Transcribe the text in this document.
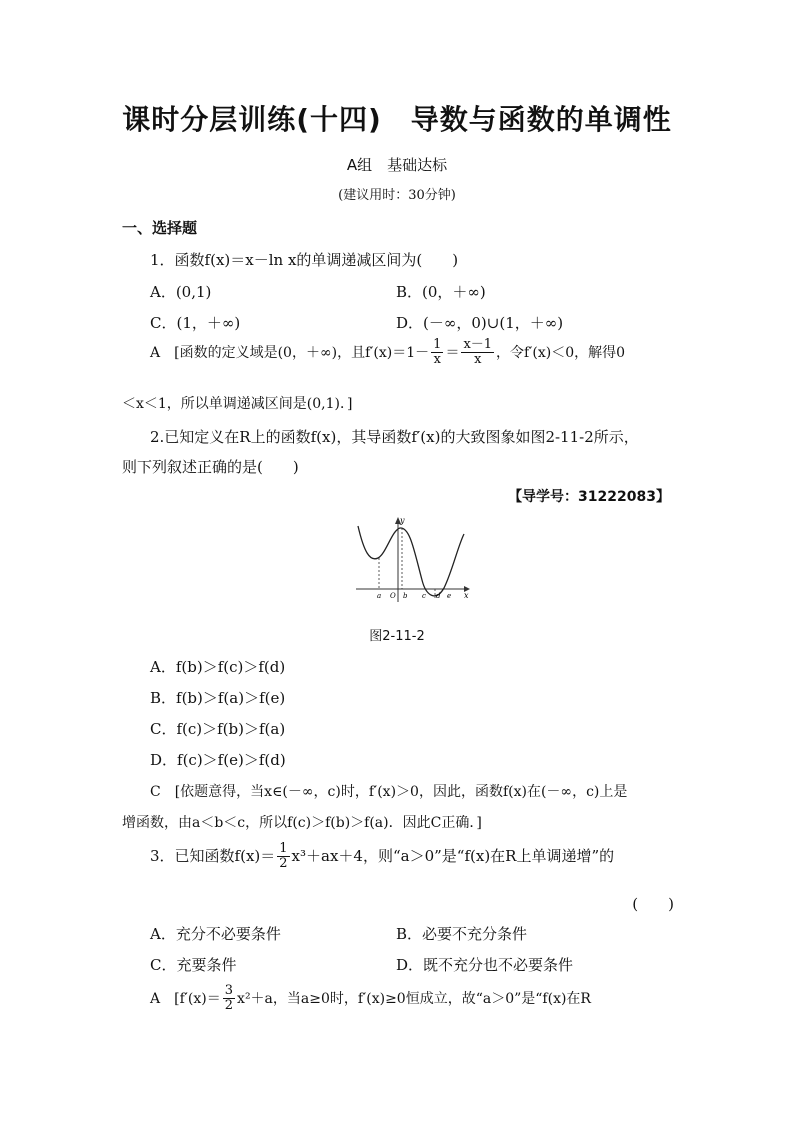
课时分层训练(十四)　导数与函数的单调性
A组　基础达标
(建议用时：30分钟)
一、选择题
1．函数f(x)＝x－ln x的单调递减区间为(　　)
A．(0,1)	B．(0，＋∞)
C．(1，＋∞)	D．(－∞，0)∪(1，＋∞)
A　[函数的定义域是(0，＋∞)，且$f'(x)=1- \frac{1}{x} = \frac{x-1}{x}$ ，令f′(x)＜0，解得0
＜x＜1，所以单调递减区间是(0,1)．]
2.已知定义在R上的函数f(x)，其导函数f′(x)的大致图象如图2-11-2所示，
则下列叙述正确的是(　　)
【导学号：31222083】
y
x
a O b c d e
图2-11-2
A．f(b)＞f(c)＞f(d)
B．f(b)＞f(a)＞f(e)
C．f(c)＞f(b)＞f(a)
D．f(c)＞f(e)＞f(d)
C　[依题意得，当x∈(－∞，c)时，f′(x)＞0，因此，函数f(x)在(－∞，c)上是
增函数，由a＜b＜c，所以f(c)＞f(b)＞f(a)．因此C正确．]
3．已知函数$f(x)= \frac{1}{2} x^3+ax+4$，则“a＞0”是“f(x)在R上单调递增”的
(　　)
A．充分不必要条件	B．必要不充分条件
C．充要条件	D．既不充分也不必要条件
A　[$f'(x)= \frac{3}{2} x^2+a$，当a≥0时，f′(x)≥0恒成立，故“a＞0”是“f(x)在R
